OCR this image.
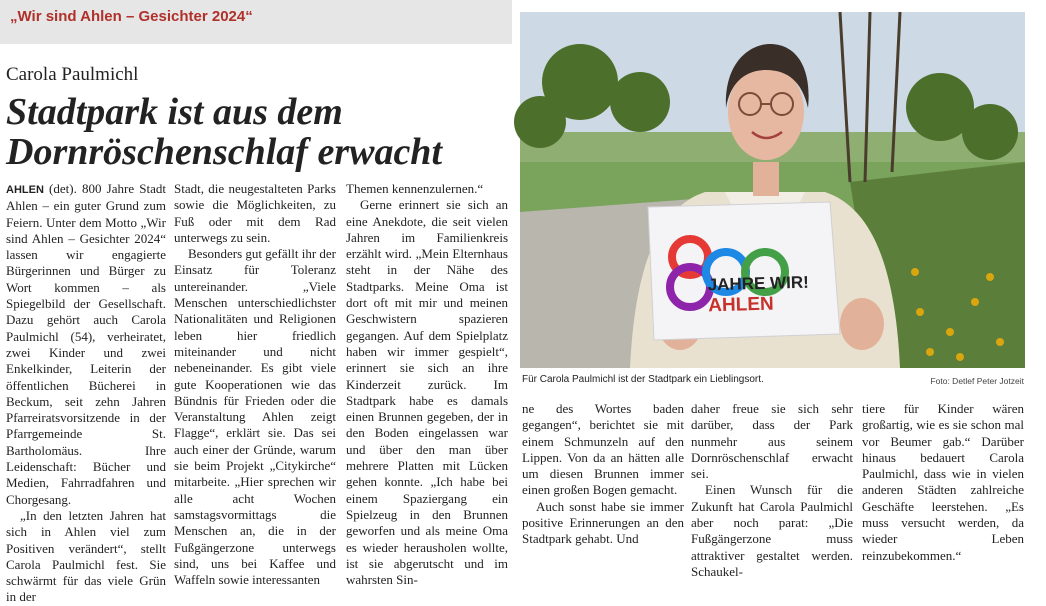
„Wir sind Ahlen – Gesichter 2024“
Carola Paulmichl
Stadtpark ist aus dem
Dornröschenschlaf erwacht

AHLEN (det). 800 Jahre Stadt Ahlen – ein guter Grund zum Feiern. Unter dem Motto „Wir sind Ahlen – Gesichter 2024“ lassen wir engagierte Bürgerinnen und Bürger zu Wort kommen – als Spiegelbild der Gesellschaft. Dazu gehört auch Carola Paulmichl (54), verheiratet, zwei Kinder und zwei Enkelkinder, Leiterin der öffentlichen Bücherei in Beckum, seit zehn Jahren Pfarreiratsvorsitzende in der Pfarrgemeinde St. Bartholomäus. Ihre Leidenschaft: Bücher und Medien, Fahrradfahren und Chorgesang.

„In den letzten Jahren hat sich in Ahlen viel zum Positiven verändert“, stellt Carola Paulmichl fest. Sie schwärmt für das viele Grün in der

Stadt, die neugestalteten Parks sowie die Möglichkeiten, zu Fuß oder mit dem Rad unterwegs zu sein.

Besonders gut gefällt ihr der Einsatz für Toleranz untereinander. „Viele Menschen unterschiedlichster Nationalitäten und Religionen leben hier friedlich miteinander und nicht nebeneinander. Es gibt viele gute Kooperationen wie das Bündnis für Frieden oder die Veranstaltung Ahlen zeigt Flagge“, erklärt sie. Das sei auch einer der Gründe, warum sie beim Projekt „Citykirche“ mitarbeite. „Hier sprechen wir alle acht Wochen samstagsvormittags die Menschen an, die in der Fußgängerzone unterwegs sind, uns bei Kaffee und Waffeln sowie interessanten

Themen kennenzulernen.“

Gerne erinnert sie sich an eine Anekdote, die seit vielen Jahren im Familienkreis erzählt wird. „Mein Elternhaus steht in der Nähe des Stadtparks. Meine Oma ist dort oft mit mir und meinen Geschwistern spazieren gegangen. Auf dem Spielplatz haben wir immer gespielt“, erinnert sie sich an ihre Kinderzeit zurück. Im Stadtpark habe es damals einen Brunnen gegeben, der in den Boden eingelassen war und über den man über mehrere Platten mit Lücken gehen konnte. „Ich habe bei einem Spaziergang ein Spielzeug in den Brunnen geworfen und als meine Oma es wieder herausholen wollte, ist sie abgerutscht und im wahrsten Sin-

ne des Wortes baden gegangen“, berichtet sie mit einem Schmunzeln auf den Lippen. Von da an hätten alle um diesen Brunnen immer einen großen Bogen gemacht.

Auch sonst habe sie immer positive Erinnerungen an den Stadtpark gehabt. Und

daher freue sie sich sehr darüber, dass der Park nunmehr aus seinem Dornröschenschlaf erwacht sei.

Einen Wunsch für die Zukunft hat Carola Paulmichl aber noch parat: „Die Fußgängerzone muss attraktiver gestaltet werden. Schaukel-

tiere für Kinder wären großartig, wie es sie schon mal vor Beumer gab.“ Darüber hinaus bedauert Carola Paulmichl, dass wie in vielen anderen Städten zahlreiche Geschäfte leerstehen. „Es muss versucht werden, da wieder Leben reinzubekommen.“

JAHRE WIR!
AHLEN
Für Carola Paulmichl ist der Stadtpark ein Lieblingsort.	Foto: Detlef Peter Jotzeit
